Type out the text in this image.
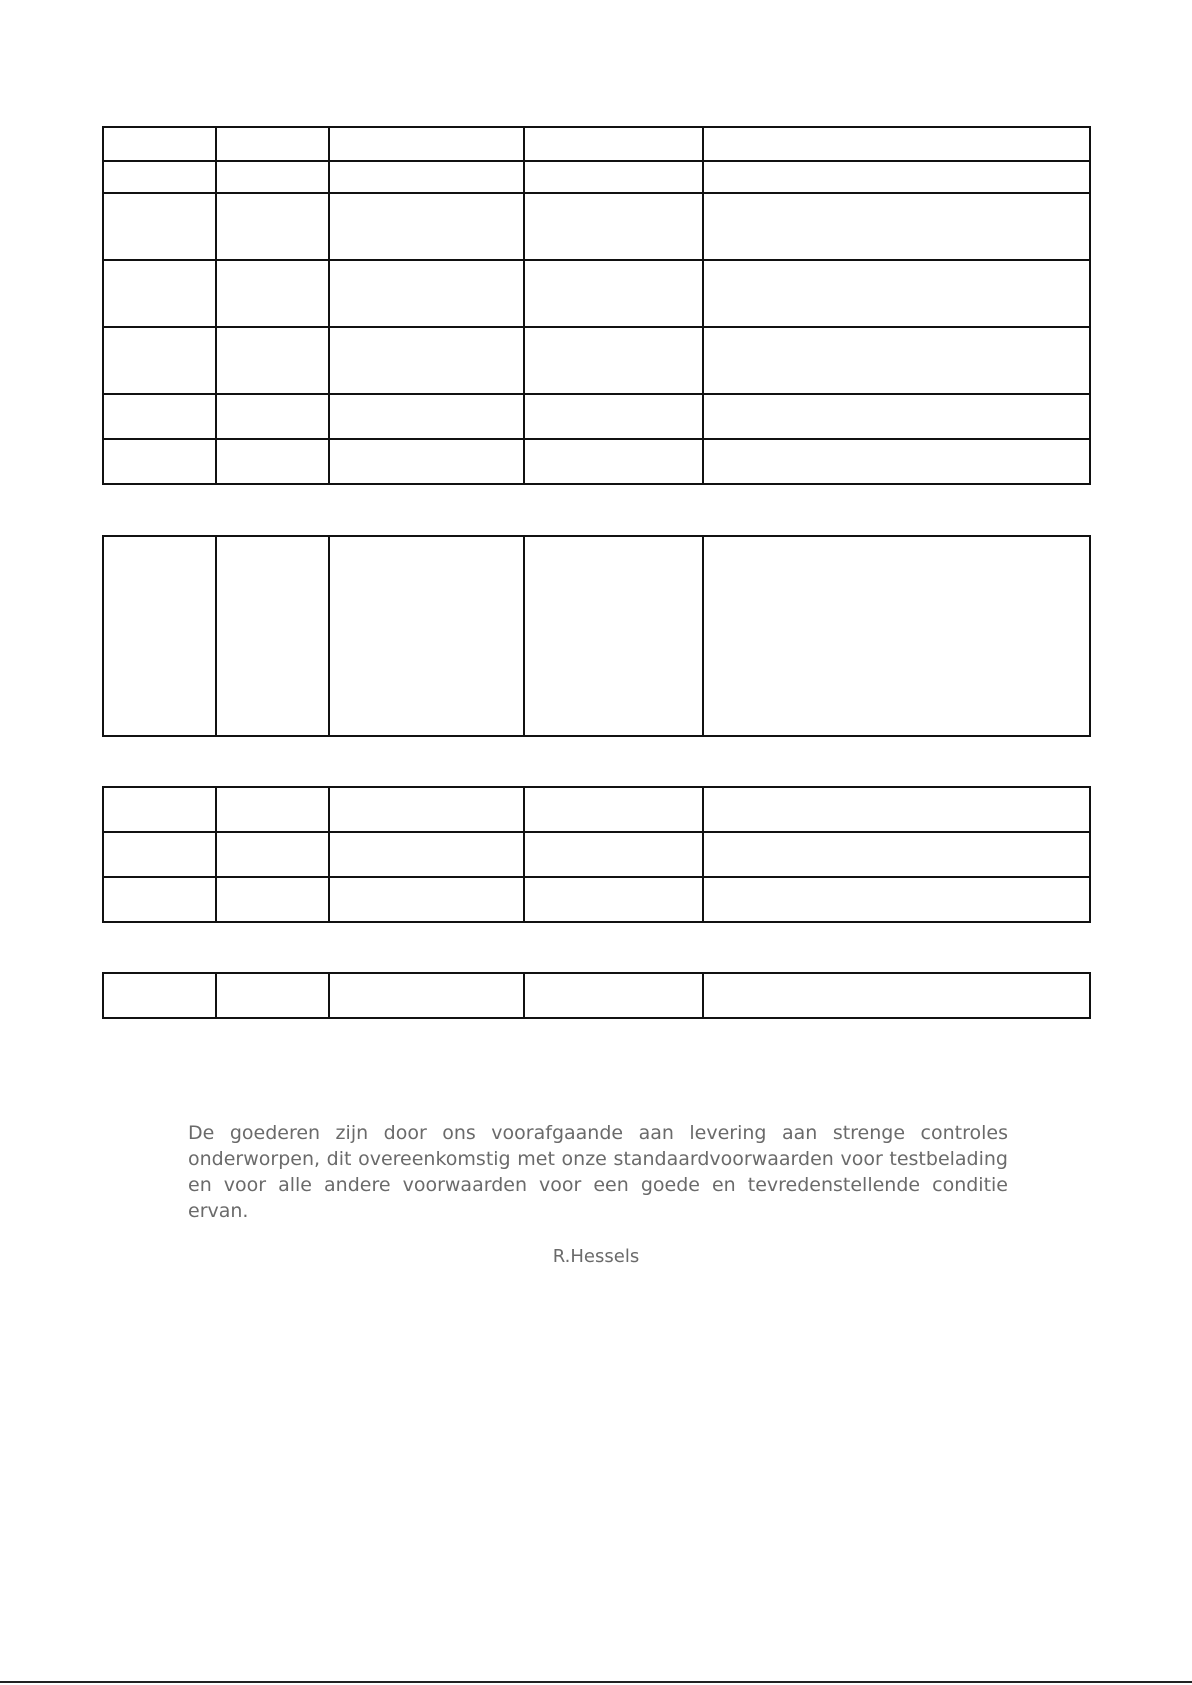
De goederen zijn door ons voorafgaande aan levering aan strenge controles onderworpen, dit overeenkomstig met onze standaardvoorwaarden voor testbelading en voor alle andere voorwaarden voor een goede en tevredenstellende conditie ervan.

R.Hessels
